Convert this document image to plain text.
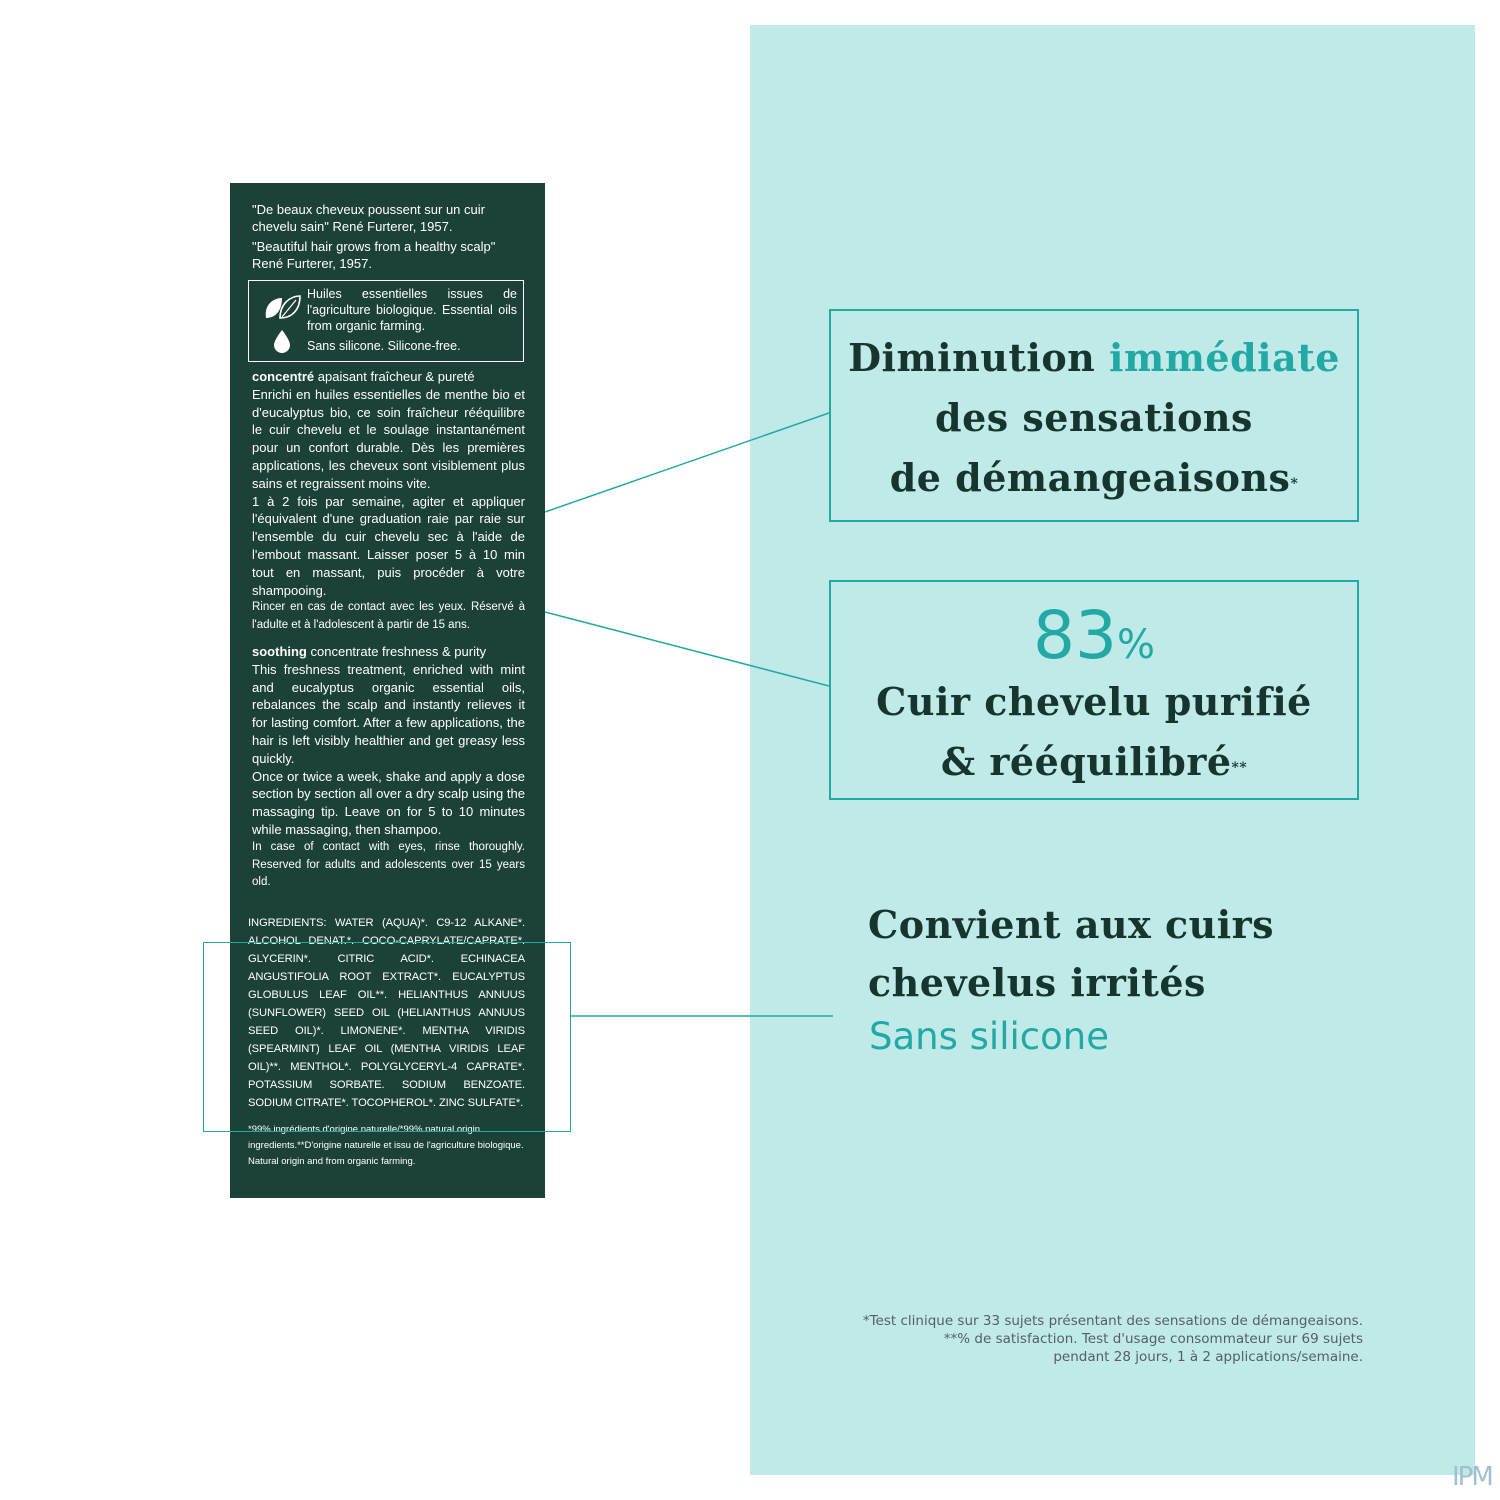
"De beaux cheveux poussent sur un cuir chevelu sain" René Furterer, 1957.

"Beautiful hair grows from a healthy scalp" René Furterer, 1957.

Huiles essentielles issues de l'agriculture biologique. Essential oils from organic farming.

Sans silicone. Silicone-free.

concentré apaisant fraîcheur & pureté

Enrichi en huiles essentielles de menthe bio et d'eucalyptus bio, ce soin fraîcheur rééquilibre le cuir chevelu et le soulage instantanément pour un confort durable. Dès les premières applications, les cheveux sont visiblement plus sains et regraissent moins vite.

1 à 2 fois par semaine, agiter et appliquer l'équivalent d'une graduation raie par raie sur l'ensemble du cuir chevelu sec à l'aide de l'embout massant. Laisser poser 5 à 10 min tout en massant, puis procéder à votre shampooing.

Rincer en cas de contact avec les yeux. Réservé à l'adulte et à l'adolescent à partir de 15 ans.

soothing concentrate freshness & purity

This freshness treatment, enriched with mint and eucalyptus organic essential oils, rebalances the scalp and instantly relieves it for lasting comfort. After a few applications, the hair is left visibly healthier and get greasy less quickly.

Once or twice a week, shake and apply a dose section by section all over a dry scalp using the massaging tip. Leave on for 5 to 10 minutes while massaging, then shampoo.

In case of contact with eyes, rinse thoroughly. Reserved for adults and adolescents over 15 years old.

INGREDIENTS: WATER (AQUA)*. C9-12 ALKANE*. ALCOHOL DENAT.*. COCO-CAPRYLATE/CAPRATE*. GLYCERIN*. CITRIC ACID*. ECHINACEA ANGUSTIFOLIA ROOT EXTRACT*. EUCALYPTUS GLOBULUS LEAF OIL**. HELIANTHUS ANNUUS (SUNFLOWER) SEED OIL (HELIANTHUS ANNUUS SEED OIL)*. LIMONENE*. MENTHA VIRIDIS (SPEARMINT) LEAF OIL (MENTHA VIRIDIS LEAF OIL)**. MENTHOL*. POLYGLYCERYL-4 CAPRATE*. POTASSIUM SORBATE. SODIUM BENZOATE. SODIUM CITRATE*. TOCOPHEROL*. ZINC SULFATE*.

*99% ingrédients d'origine naturelle/*99% natural origin ingredients.**D'origine naturelle et issu de l'agriculture biologique. Natural origin and from organic farming.

Diminution immédiate
des sensations
de démangeaisons*
83%
Cuir chevelu purifié
& rééquilibré**
Convient aux cuirs
chevelus irrités
Sans silicone
*Test clinique sur 33 sujets présentant des sensations de démangeaisons.
**% de satisfaction. Test d'usage consommateur sur 69 sujets
pendant 28 jours, 1 à 2 applications/semaine.
IPM
